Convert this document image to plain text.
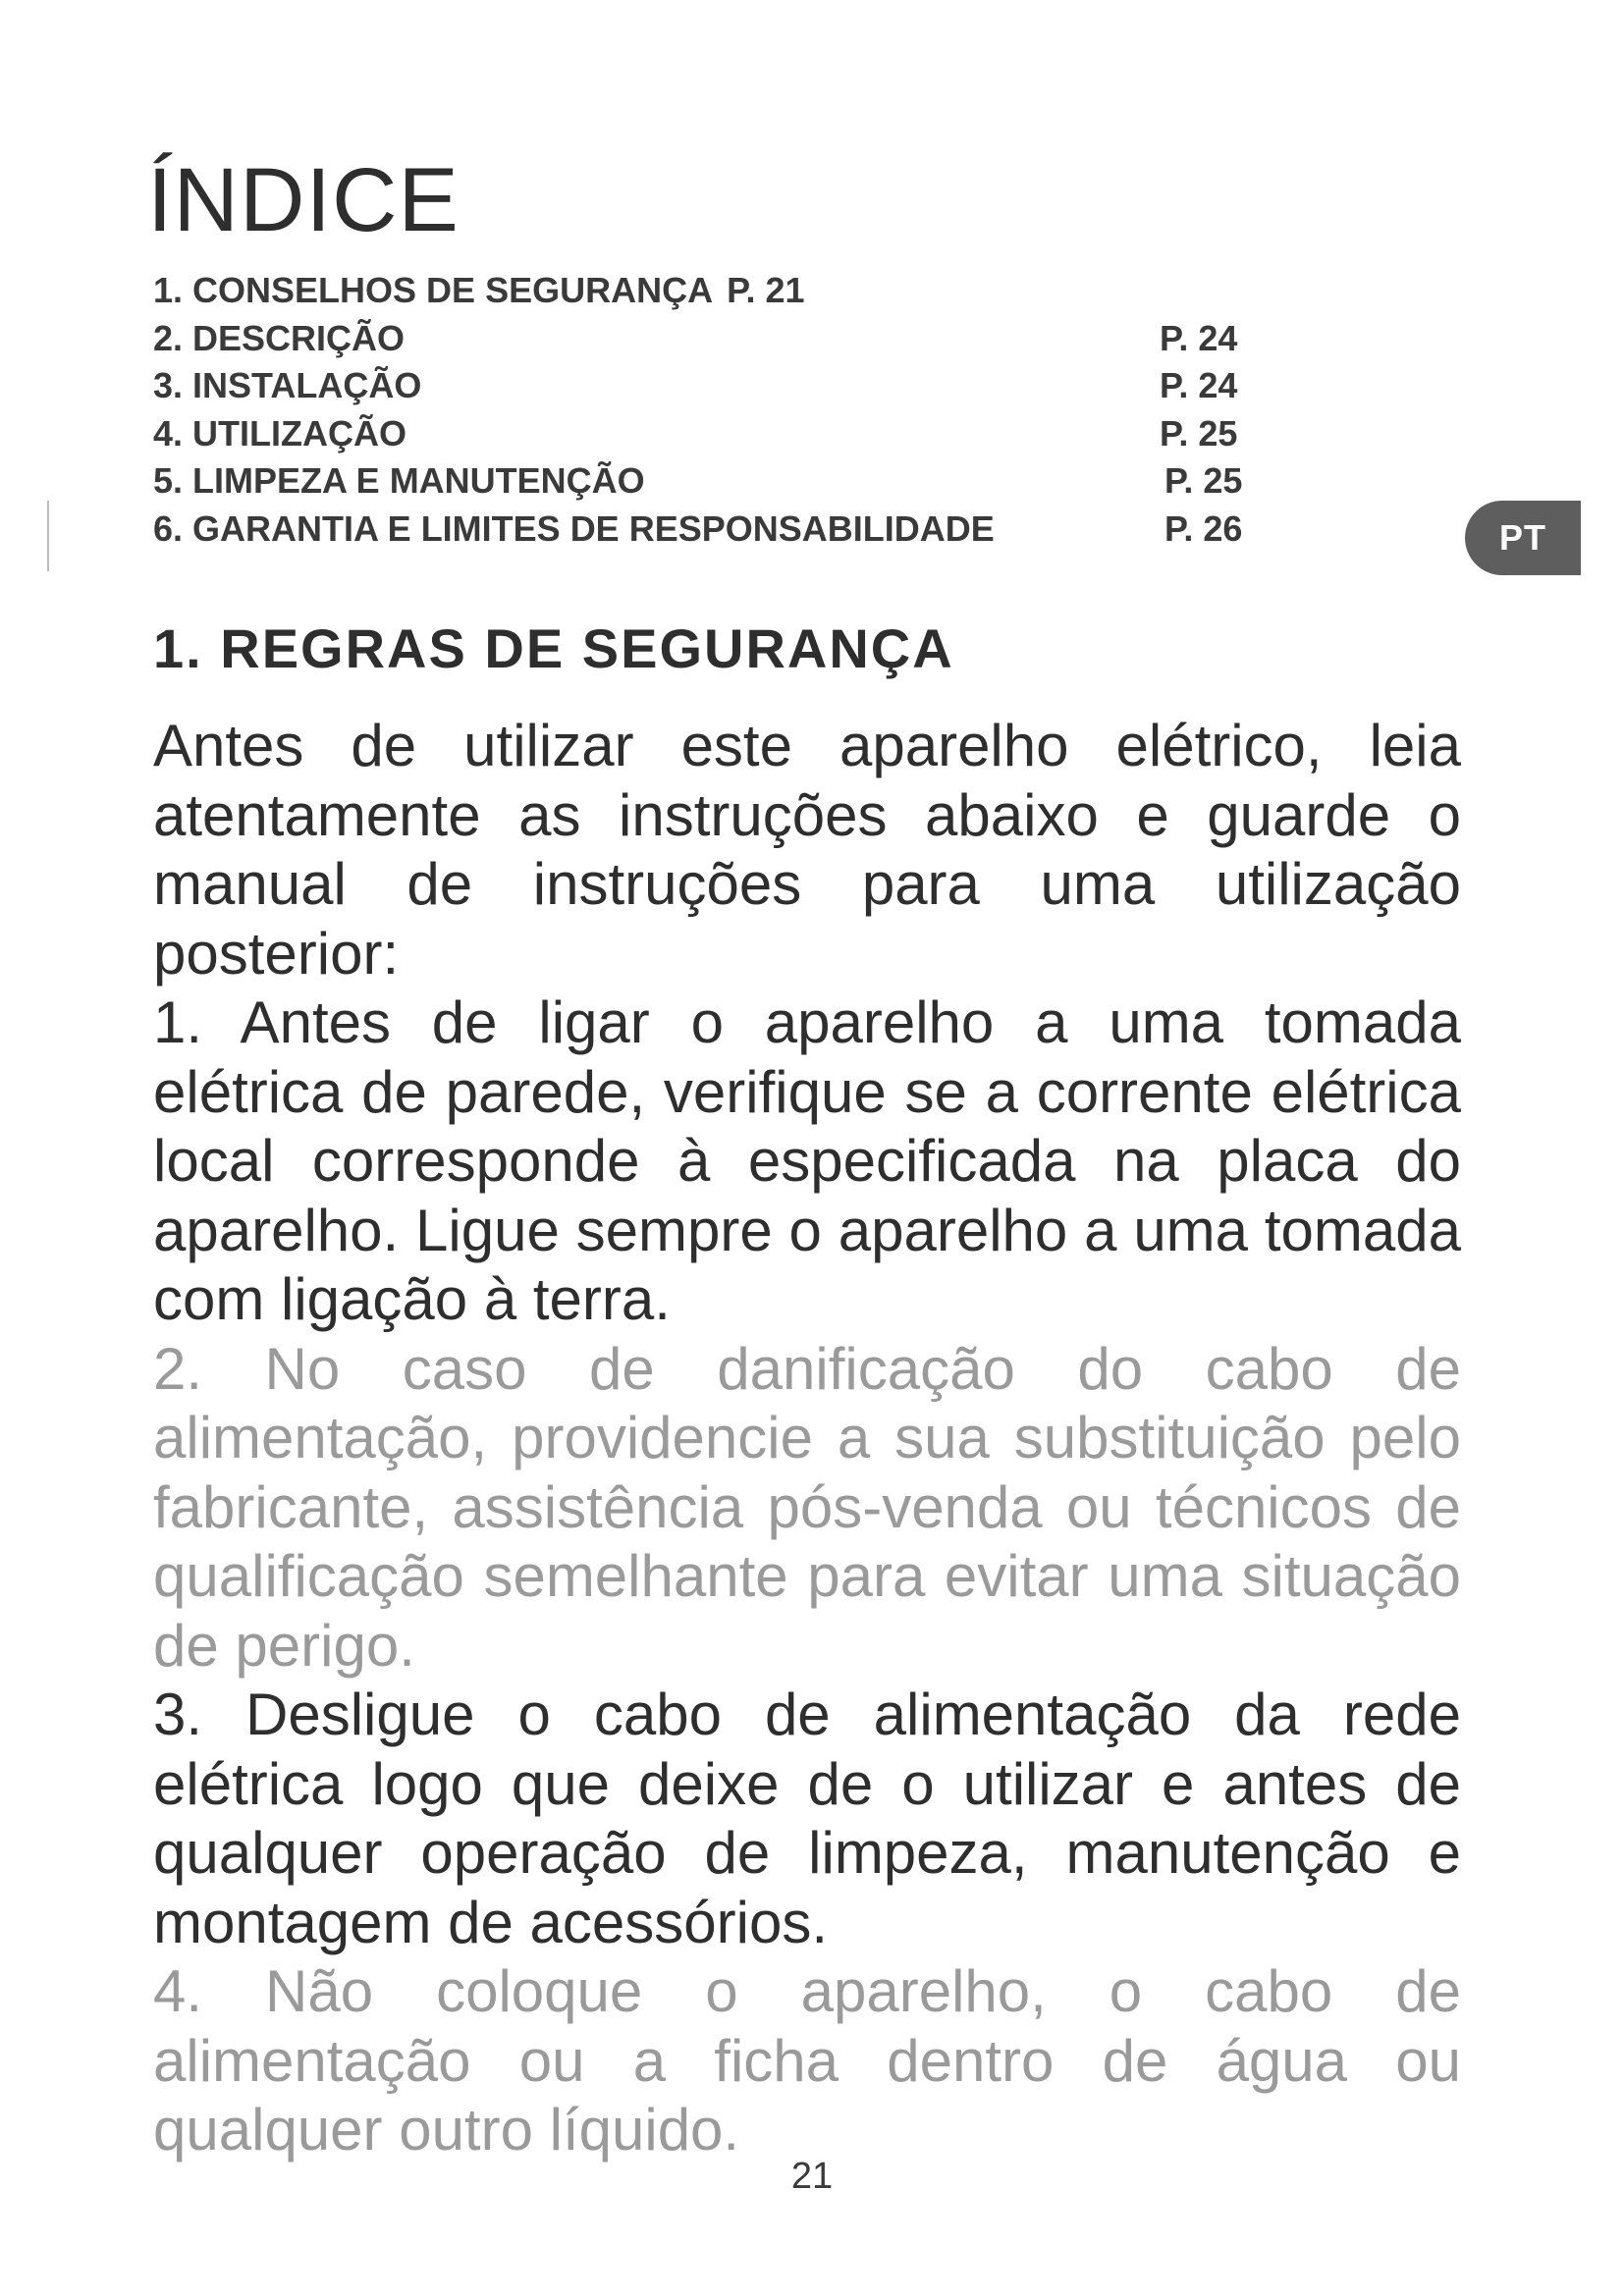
ÍNDICE
1. CONSELHOS DE SEGURANÇA P. 21
2. DESCRIÇÃO	P. 24
3. INSTALAÇÃO	P. 24
4. UTILIZAÇÃO	P. 25
5. LIMPEZA E MANUTENÇÃO	P. 25
6. GARANTIA E LIMITES DE RESPONSABILIDADE	P. 26	PT
1. REGRAS DE SEGURANÇA

Antes de utilizar este aparelho elétrico, leia atentamente as instruções abaixo e guarde o manual de instruções para uma utilização posterior:

1. Antes de ligar o aparelho a uma tomada elétrica de parede, verifique se a corrente elétrica local corresponde à especificada na placa do aparelho. Ligue sempre o aparelho a uma tomada com ligação à terra.

2. No caso de danificação do cabo de alimentação, providencie a sua substituição pelo fabricante, assistência pós-venda ou técnicos de qualificação semelhante para evitar uma situação de perigo.

3. Desligue o cabo de alimentação da rede elétrica logo que deixe de o utilizar e antes de qualquer operação de limpeza, manutenção e montagem de acessórios.

4. Não coloque o aparelho, o cabo de alimentação ou a ficha dentro de água ou qualquer outro líquido.

21
